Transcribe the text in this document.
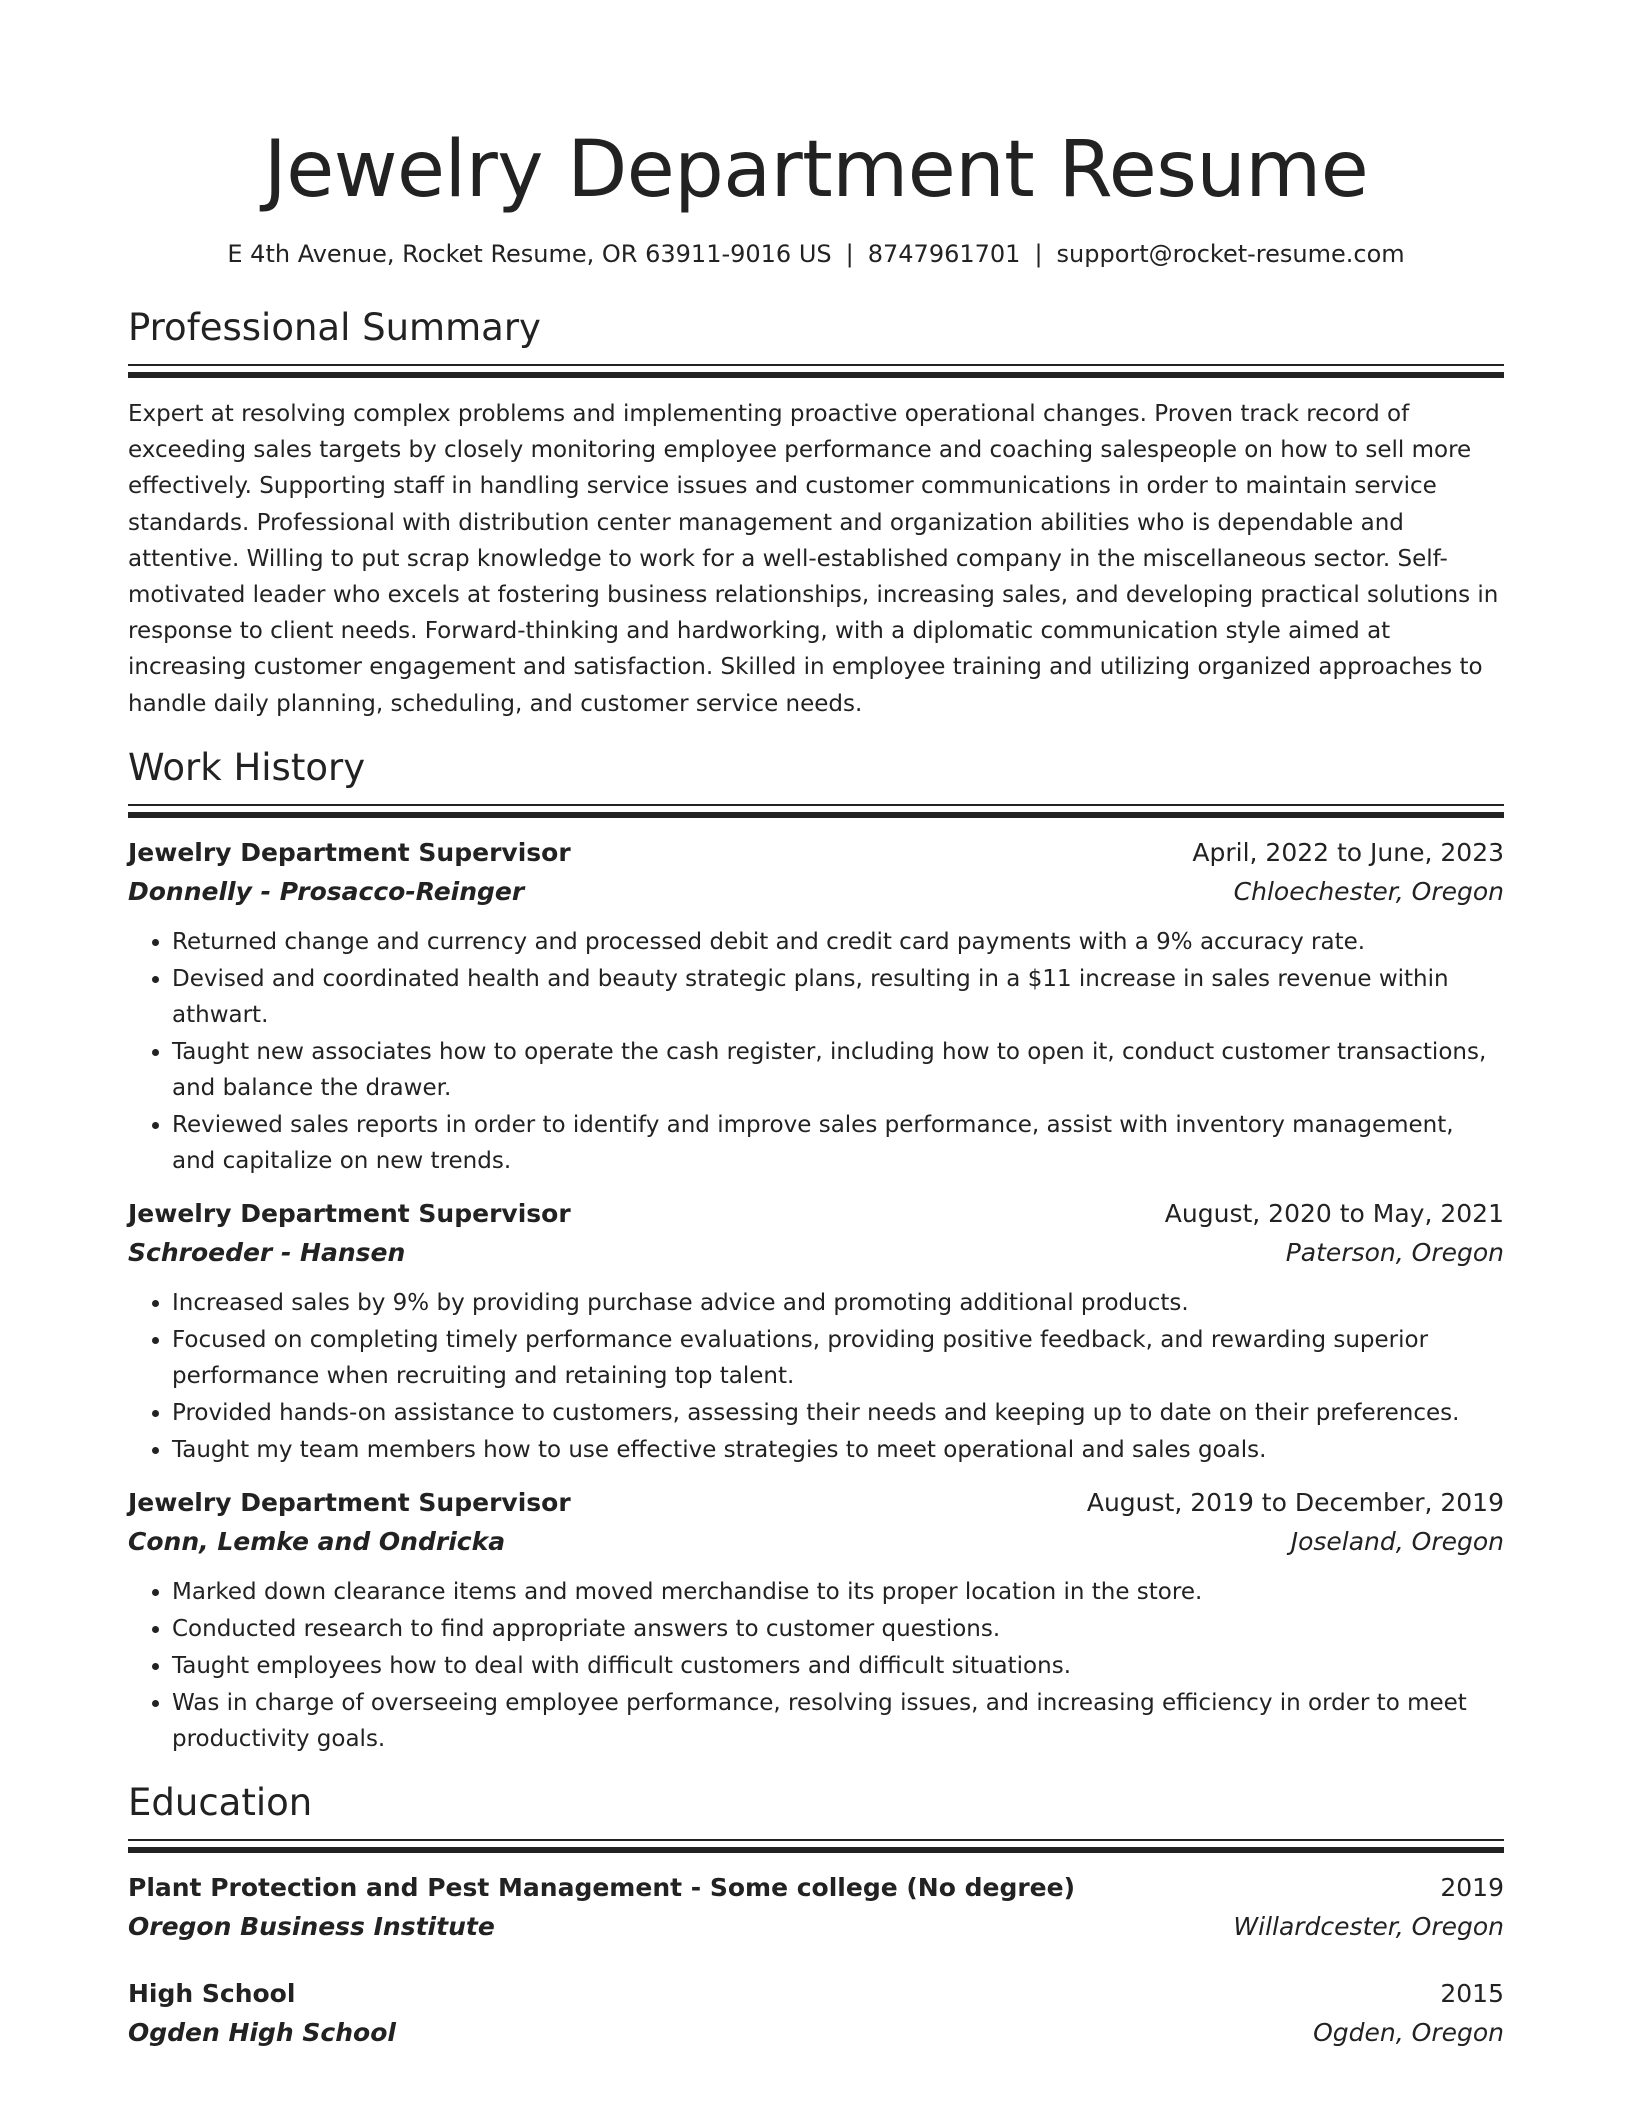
Jewelry Department Resume
E 4th Avenue, Rocket Resume, OR 63911-9016 US | 8747961701 | support@rocket-resume.com
Professional Summary

Expert at resolving complex problems and implementing proactive operational changes. Proven track record of exceeding sales targets by closely monitoring employee performance and coaching salespeople on how to sell more effectively. Supporting staff in handling service issues and customer communications in order to maintain service standards. Professional with distribution center management and organization abilities who is dependable and attentive. Willing to put scrap knowledge to work for a well-established company in the miscellaneous sector. Self-motivated leader who excels at fostering business relationships, increasing sales, and developing practical solutions in response to client needs. Forward-thinking and hardworking, with a diplomatic communication style aimed at increasing customer engagement and satisfaction. Skilled in employee training and utilizing organized approaches to handle daily planning, scheduling, and customer service needs.

Work History
Jewelry Department Supervisor	April, 2022 to June, 2023
Donnelly - Prosacco-Reinger	Chloechester, Oregon
• Returned change and currency and processed debit and credit card payments with a 9% accuracy rate.
• Devised and coordinated health and beauty strategic plans, resulting in a $11 increase in sales revenue within athwart.
• Taught new associates how to operate the cash register, including how to open it, conduct customer transactions, and balance the drawer.
• Reviewed sales reports in order to identify and improve sales performance, assist with inventory management, and capitalize on new trends.
Jewelry Department Supervisor	August, 2020 to May, 2021
Schroeder - Hansen	Paterson, Oregon
• Increased sales by 9% by providing purchase advice and promoting additional products.
• Focused on completing timely performance evaluations, providing positive feedback, and rewarding superior performance when recruiting and retaining top talent.
• Provided hands-on assistance to customers, assessing their needs and keeping up to date on their preferences.
• Taught my team members how to use effective strategies to meet operational and sales goals.
Jewelry Department Supervisor	August, 2019 to December, 2019
Conn, Lemke and Ondricka	Joseland, Oregon
• Marked down clearance items and moved merchandise to its proper location in the store.
• Conducted research to find appropriate answers to customer questions.
• Taught employees how to deal with difficult customers and difficult situations.
• Was in charge of overseeing employee performance, resolving issues, and increasing efficiency in order to meet productivity goals.
Education
Plant Protection and Pest Management - Some college (No degree)	2019
Oregon Business Institute	Willardcester, Oregon
High School	2015
Ogden High School	Ogden, Oregon
